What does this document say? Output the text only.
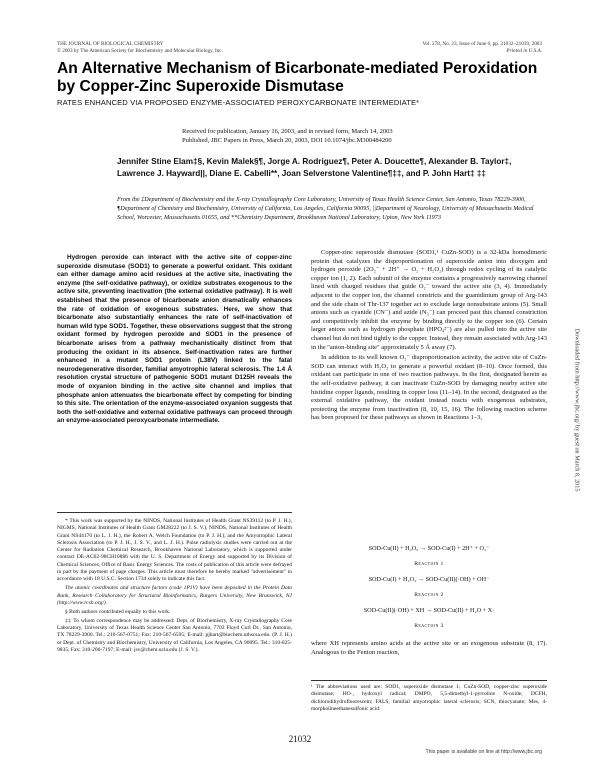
THE JOURNAL OF BIOLOGICAL CHEMISTRY
© 2003 by The American Society for Biochemistry and Molecular Biology, Inc.
Vol. 278, No. 23, Issue of June 6, pp. 21032–21039, 2003
Printed in U.S.A.
An Alternative Mechanism of Bicarbonate-mediated Peroxidation by Copper-Zinc Superoxide Dismutase
RATES ENHANCED VIA PROPOSED ENZYME-ASSOCIATED PEROXYCARBONATE INTERMEDIATE*
Received for publication, January 16, 2003, and in revised form, March 14, 2003
Published, JBC Papers in Press, March 20, 2003, DOI 10.1074/jbc.M300484200
Jennifer Stine Elam‡§, Kevin Malek§¶, Jorge A. Rodriguez¶, Peter A. Doucette¶, Alexander B. Taylor‡, Lawrence J. Hayward||, Diane E. Cabelli**, Joan Selverstone Valentine¶‡‡, and P. John Hart‡ ‡‡
From the ‡Department of Biochemistry and the X-ray Crystallography Core Laboratory, University of Texas Health Science Center, San Antonio, Texas 78229-3900, ¶Department of Chemistry and Biochemistry, University of California, Los Angeles, California 90095, ||Department of Neurology, University of Massachusetts Medical School, Worcester, Massachusetts 01655, and **Chemistry Department, Brookhaven National Laboratory, Upton, New York 11973
Hydrogen peroxide can interact with the active site of copper-zinc superoxide dismutase (SOD1) to generate a powerful oxidant. This oxidant can either damage amino acid residues at the active site, inactivating the enzyme (the self-oxidative pathway), or oxidize substrates exogenous to the active site, preventing inactivation (the external oxidative pathway). It is well established that the presence of bicarbonate anion dramatically enhances the rate of oxidation of exogenous substrates. Here, we show that bicarbonate also substantially enhances the rate of self-inactivation of human wild type SOD1. Together, these observations suggest that the strong oxidant formed by hydrogen peroxide and SOD1 in the presence of bicarbonate arises from a pathway mechanistically distinct from that producing the oxidant in its absence. Self-inactivation rates are further enhanced in a mutant SOD1 protein (L38V) linked to the fatal neurodegenerative disorder, familial amyotrophic lateral sclerosis. The 1.4 Å resolution crystal structure of pathogenic SOD1 mutant D125H reveals the mode of oxyanion binding in the active site channel and implies that phosphate anion attenuates the bicarbonate effect by competing for binding to this site. The orientation of the enzyme-associated oxyanion suggests that both the self-oxidative and external oxidative pathways can proceed through an enzyme-associated peroxycarbonate intermediate.

* This work was supported by the NINDS, National Institutes of Health Grant NS39112 (to P. J. H.), NIGMS, National Institutes of Health Grant GM28222 (to J. S. V.), NINDS, National Institutes of Health Grant NS44170 (to L. J. H.), the Robert A. Welch Foundation (to P. J. H.), and the Amyotrophic Lateral Sclerosis Association (to P. J. H., J. S. V., and L. J. H.). Pulse radiolysis studies were carried out at the Center for Radiation Chemical Research, Brookhaven National Laboratory, which is supported under contract DE-AC02-98CH10886 with the U. S. Department of Energy and supported by its Division of Chemical Sciences, Office of Basic Energy Sciences. The costs of publication of this article were defrayed in part by the payment of page charges. This article must therefore be hereby marked "advertisement" in accordance with 18 U.S.C. Section 1734 solely to indicate this fact.

The atomic coordinates and structure factors (code 1P1V) have been deposited in the Protein Data Bank, Research Collaboratory for Structural Bioinformatics, Rutgers University, New Brunswick, NJ (http://www.rcsb.org/).

§ Both authors contributed equally to this work.

‡‡ To whom correspondence may be addressed: Dept. of Biochemistry, X-ray Crystallography Core Laboratory, University of Texas Health Science Center San Antonio, 7703 Floyd Curl Dr., San Antonio, TX 78229-3900. Tel.: 210-567-0751; Fax: 210-567-6595; E-mail: pjhart@biochem.uthscsa.edu. (P. J. H.) or Dept. of Chemistry and Biochemistry, University of California, Los Angeles, CA 90095. Tel.: 310-825-9835; Fax: 310-206-7197; E-mail: jsv@chem.ucla.edu (J. S. V.).

Copper-zinc superoxide dismutase (SOD1,¹ CuZn-SOD) is a 32-kDa homodimeric protein that catalyzes the disproportionation of superoxide anion into dioxygen and hydrogen peroxide (2O₂⁻ + 2H⁺ → O₂ + H₂O₂) through redox cycling of its catalytic copper ion (1, 2). Each subunit of the enzyme contains a progressively narrowing channel lined with charged residues that guide O₂⁻ toward the active site (3, 4). Immediately adjacent to the copper ion, the channel constricts and the guanidinium group of Arg-143 and the side chain of Thr-137 together act to exclude large nonsubstrate anions (5). Small anions such as cyanide (CN⁻) and azide (N₃⁻) can proceed past this channel constriction and competitively inhibit the enzyme by binding directly to the copper ion (6). Certain larger anions such as hydrogen phosphate (HPO₄²⁻) are also pulled into the active site channel but do not bind tightly to the copper. Instead, they remain associated with Arg-143 in the "anion-binding site" approximately 5 Å away (7).

In addition to its well known O₂⁻ disproportionation activity, the active site of CuZn-SOD can interact with H₂O₂ to generate a powerful oxidant (8–10). Once formed, this oxidant can participate in one of two reaction pathways. In the first, designated herein as the self-oxidative pathway, it can inactivate CuZn-SOD by damaging nearby active site histidine copper ligands, resulting in copper loss (11–14). In the second, designated as the external oxidative pathway, the oxidant instead reacts with exogenous substrates, protecting the enzyme from inactivation (8, 10, 15, 16). The following reaction scheme has been proposed for these pathways as shown in Reactions 1–3,

SOD-Cu(II) + H₂O₂ → SOD-Cu(I) + 2H⁺ + O₂⁻
Reaction 1
SOD-Cu(I) + H₂O₂ → SOD-Cu(II)(·OH) + OH⁻
Reaction 2
SOD-Cu(II)(·OH) + XH → SOD-Cu(II) + H₂O + X·
Reaction 3
where XH represents amino acids at the active site or an exogenous substrate (8, 17). Analogous to the Fenton reaction,
¹ The abbreviations used are: SOD1, superoxide dismutase 1; CuZn-SOD, copper-zinc superoxide dismutase; HO·, hydroxyl radical; DMPO, 5,5-dimethyl-1-pyrroline N-oxide; DCFH, dichlorodihydrofluorescein; FALS, familial amyotrophic lateral sclerosis; SCN, thiocyanate; Mes, 4-morpholineethanesulfonic acid.
21032
This paper is available on line at http://www.jbc.org
Downloaded from http://www.jbc.org/ by guest on March 8, 2015
